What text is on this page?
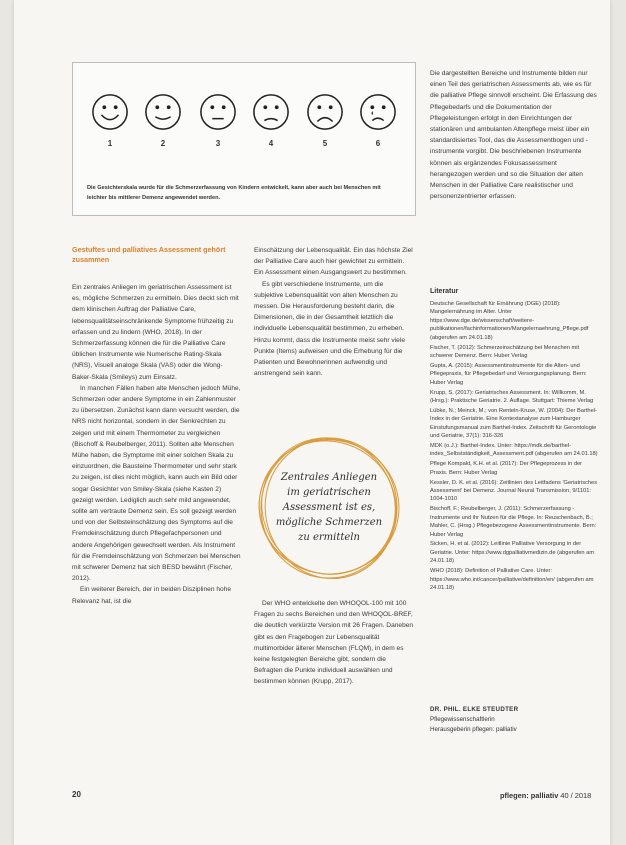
1	2	3	4	5	6
Die Gesichterskala wurde für die Schmerzerfassung von Kindern entwickelt, kann aber auch bei Menschen mit leichter bis mittlerer Demenz angewendet werden.
Gestuftes und palliatives Assessment gehört zusammen

Ein zentrales Anliegen im geriatrischen Assessment ist es, mögliche Schmerzen zu ermitteln. Dies deckt sich mit dem klinischen Auftrag der Palliative Care, lebensqualitätseinschränkende Symptome frühzeitig zu erfassen und zu lindern (WHO, 2018). In der Schmerzerfassung können die für die Palliative Care üblichen Instrumente wie Numerische Rating-Skala (NRS), Visuell analoge Skala (VAS) oder die Wong-Baker-Skala (Smileys) zum Einsatz.

In manchen Fällen haben alte Menschen jedoch Mühe, Schmerzen oder andere Symptome in ein Zahlenmuster zu übersetzen. Zunächst kann dann versucht werden, die NRS nicht horizontal, sondern in der Senkrechten zu zeigen und mit einem Thermometer zu vergleichen (Bischoff & Reubelberger, 2011). Sollten alte Menschen Mühe haben, die Symptome mit einer solchen Skala zu einzuordnen, die Bausteine Thermometer und sehr stark zu zeigen, ist dies nicht möglich, kann auch ein Bild oder sogar Gesichter von Smiley-Skala (siehe Kasten 2) gezeigt werden. Lediglich auch sehr mild angewendet, sollte am vertraute Demenz sein. Es soll gezeigt werden und von der Selbsteinschätzung des Symptoms auf die Fremdeinschätzung durch Pflegefachpersonen und andere Angehörigen gewechselt werden. Als Instrument für die Fremdeinschätzung von Schmerzen bei Menschen mit schwerer Demenz hat sich BESD bewährt (Fischer, 2012).

Ein weiterer Bereich, der in beiden Disziplinen hohe Relevanz hat, ist die

Einschätzung der Lebensqualität. Ein das höchste Ziel der Palliative Care auch hier gewichtet zu ermitteln. Ein Assessment einen Ausgangswert zu bestimmen.

Es gibt verschiedene Instrumente, um die subjektive Lebensqualität von alten Menschen zu messen. Die Herausforderung besteht darin, die Dimensionen, die in der Gesamtheit letztlich die individuelle Lebensqualität bestimmen, zu erheben. Hinzu kommt, dass die Instrumente meist sehr viele Punkte (Items) aufweisen und die Erhebung für die Patienten und Bewohnerinnen aufwendig und anstrengend sein kann.

Zentrales Anliegen
im geriatrischen
Assessment ist es,
mögliche Schmerzen
zu ermitteln

Der WHO entwickelte den WHOQOL-100 mit 100 Fragen zu sechs Bereichen und den WHOQOL-BREF, die deutlich verkürzte Version mit 26 Fragen. Daneben gibt es den Fragebogen zur Lebensqualität multimorbider älterer Menschen (FLQM), in dem es keine festgelegten Bereiche gibt, sondern die Befragten die Punkte individuell auswählen und bestimmen können (Krupp, 2017).

Die dargestellten Bereiche und Instrumente bilden nur einen Teil des geriatrischen Assessments ab, wie es für die palliative Pflege sinnvoll erscheint. Die Erfassung des Pflegebedarfs und die Dokumentation der Pflegeleistungen erfolgt in den Einrichtungen der stationären und ambulanten Altenpflege meist über ein standardisiertes Tool, das die Assessmentbogen und -instrumente vorgibt. Die beschriebenen Instrumente können als ergänzendes Fokusassessment herangezogen werden und so die Situation der alten Menschen in der Palliative Care realistischer und personenzentrierter erfassen.

Literatur
Deutsche Gesellschaft für Ernährung (DGE) (2018): Mangelernährung im Alter. Unter https://www.dge.de/wissenschaft/weitere-publikationen/fachinformationen/Mangelernaehrung_Pflege.pdf (abgerufen am 24.01.18)
Fischer, T. (2012): Schmerzeinschätzung bei Menschen mit schwerer Demenz. Bern: Huber Verlag
Gupta, A. (2015): Assessmentinstrumente für die Alten- und Pflegepraxis, für Pflegebedarf und Versorgungsplanung. Bern: Huber Verlag
Krupp, S. (2017): Geriatrisches Assessment. In: Willkomm, M. (Hrsg.): Praktische Geriatrie. 2. Auflage. Stuttgart: Thieme Verlag
Lübke, N.; Meinck, M.; von Renteln-Kruse, W. (2004): Der Barthel-Index in der Geriatrie. Eine Kontextanalyse zum Hamburger Einstufungsmanual zum Barthel-Index. Zeitschrift für Gerontologie und Geriatrie, 37(1): 316-326
MDK (o.J.): Barthel-Index. Unter: https://mdk.de/barthel-index_Selbstständigkeit_Assessment.pdf (abgerufen am 24.01.18)
Pflege Kompakt, K.H. et al. (2017): Der Pflegeprozess in der Praxis. Bern: Huber Verlag
Kessler, D. K. et al. (2016): Zeitlinien des Leitfadens 'Geriatrisches Assessment' bei Demenz. Journal Neural Transmission, 9/1101: 1004-1010
Bischoff, F.; Reubelberger, J. (2011): Schmerzerfassung - Instrumente und ihr Nutzen für die Pflege. In: Reuschenbach, B.; Mahler, C. (Hrsg.) Pflegebezogene Assessmentinstrumente. Bern: Huber Verlag
Sicken, H. et al. (2012): Leitlinie Palliative Versorgung in der Geriatrie. Unter: https://www.dgpalliativmedizin.de (abgerufen am 24.01.18)
WHO (2018): Definition of Palliative Care. Unter: https://www.who.int/cancer/palliative/definition/en/ (abgerufen am 24.01.18)
DR. PHIL. ELKE STEUDTER
Pflegewissenschaftlerin
Herausgeberin pflegen: palliativ
20	pflegen: palliativ 40 / 2018
